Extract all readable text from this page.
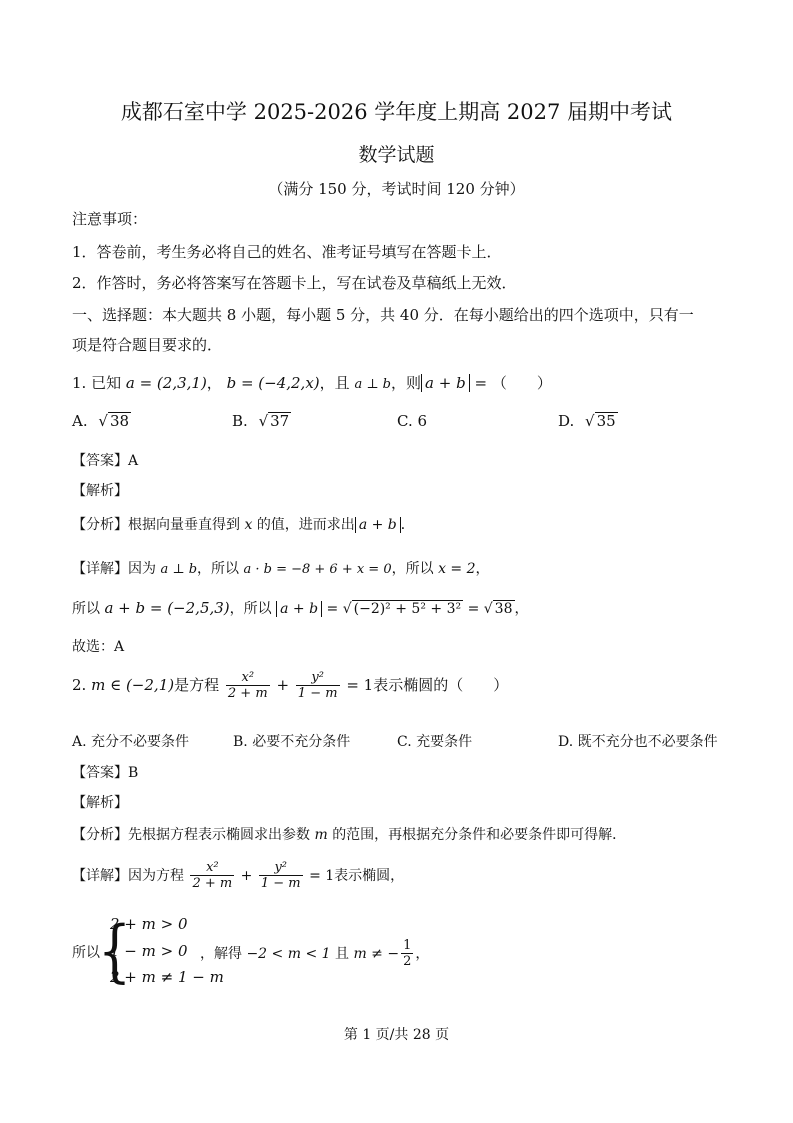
成都石室中学 2025-2026 学年度上期高 2027 届期中考试
数学试题
（满分 150 分，考试时间 120 分钟）
注意事项：
1．答卷前，考生务必将自己的姓名、准考证号填写在答题卡上．
2．作答时，务必将答案写在答题卡上，写在试卷及草稿纸上无效．
一、选择题：本大题共 8 小题，每小题 5 分，共 40 分．在每小题给出的四个选项中，只有一
项是符合题目要求的．
1. 已知 a = (2,3,1)， b = (−4,2,x)，且 a ⊥ b，则 a + b = （　　）
A. √ 38	B. √ 37	C. 6	D. √ 35
【答案】A
【解析】
【分析】根据向量垂直得到 x 的值，进而求出 a + b ．
【详解】因为 a ⊥ b，所以 a · b = −8 + 6 + x = 0，所以 x = 2，
所以 a + b = (−2,5,3)，所以 a + b = √ (−2)² + 5² + 3² = √ 38 ，
故选：A
2. m ∈ (−2,1)是方程 $\frac{\text{x²}}{2 + m} + \frac{\text{y²}}{1 - m} = 1$表示椭圆的（　　）
A. 充分不必要条件	B. 必要不充分条件	C. 充要条件	D. 既不充分也不必要条件
【答案】B
【解析】
【分析】先根据方程表示椭圆求出参数 m 的范围，再根据充分条件和必要条件即可得解．
【详解】因为方程 $\frac{\text{x²}}{2 + m} + \frac{\text{y²}}{1 - m} = 1$表示椭圆，
所以
{
2 + m > 0
1 − m > 0
2 + m ≠ 1 − m
，解得 −2 < m < 1 且 m ≠ − $\frac{1}{2}$ ，
第 1 页/共 28 页
